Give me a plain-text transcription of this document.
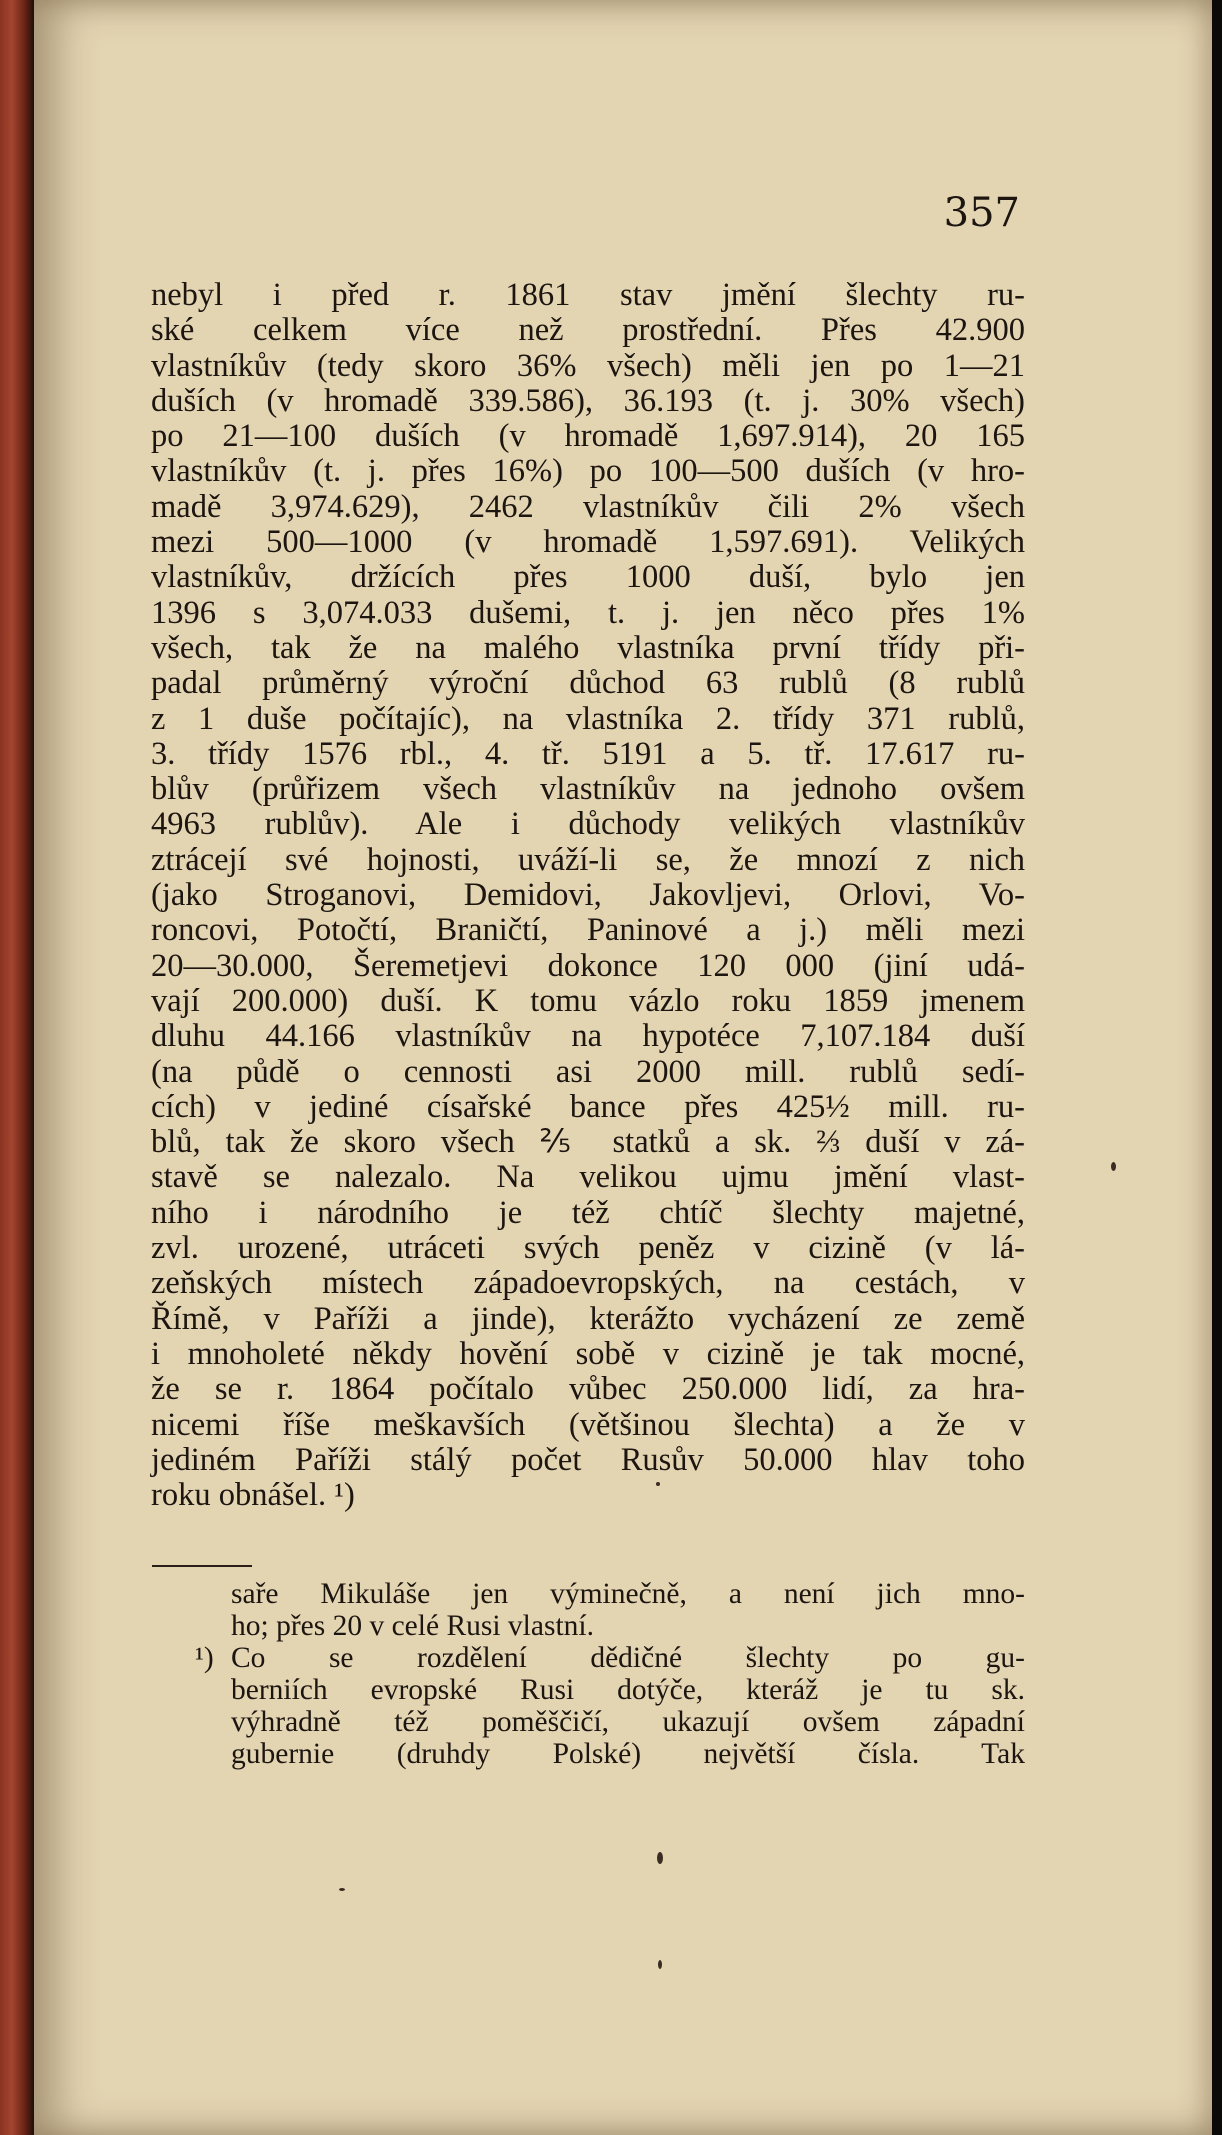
357

nebyl i před r. 1861 stav jmění šlechty ru-
ské celkem více než prostřední. Přes 42.900
vlastníkův (tedy skoro 36% všech) měli jen po 1—21
duších (v hromadě 339.586), 36.193 (t. j. 30% všech)
po 21—100 duších (v hromadě 1,697.914), 20 165
vlastníkův (t. j. přes 16%) po 100—500 duších (v hro-
madě 3,974.629), 2462 vlastníkův čili 2% všech
mezi 500—1000 (v hromadě 1,597.691). Velikých
vlastníkův, držících přes 1000 duší, bylo jen
1396 s 3,074.033 dušemi, t. j. jen něco přes 1%
všech, tak že na malého vlastníka první třídy při-
padal průměrný výroční důchod 63 rublů (8 rublů
z 1 duše počítajíc), na vlastníka 2. třídy 371 rublů,
3. třídy 1576 rbl., 4. tř. 5191 a 5. tř. 17.617 ru-
blův (průřizem všech vlastníkův na jednoho ovšem
4963 rublův). Ale i důchody velikých vlastníkův
ztrácejí své hojnosti, uváží-li se, že mnozí z nich
(jako Stroganovi, Demidovi, Jakovljevi, Orlovi, Vo-
roncovi, Potočtí, Braničtí, Paninové a j.) měli mezi
20—30.000, Šeremetjevi dokonce 120 000 (jiní udá-
vají 200.000) duší. K tomu vázlo roku 1859 jmenem
dluhu 44.166 vlastníkův na hypotéce 7,107.184 duší
(na půdě o cennosti asi 2000 mill. rublů sedí-
cích) v jediné císařské bance přes 425½ mill. ru-
blů, tak že skoro všech ⅖ statků a sk. ⅔ duší v zá-
stavě se nalezalo. Na velikou ujmu jmění vlast-
ního i národního je též chtíč šlechty majetné,
zvl. urozené, utráceti svých peněz v cizině (v lá-
zeňských místech západoevropských, na cestách, v
Římě, v Paříži a jinde), kterážto vycházení ze země
i mnoholeté někdy hovění sobě v cizině je tak mocné,
že se r. 1864 počítalo vůbec 250.000 lidí, za hra-
nicemi říše meškavších (většinou šlechta) a že v
jediném Paříži stálý počet Rusův 50.000 hlav toho
roku obnášel. ¹)
saře Mikuláše jen výminečně, a není jich mno-
ho; přes 20 v celé Rusi vlastní.
¹) Co se rozdělení dědičné šlechty po gu-
berniích evropské Rusi dotýče, kteráž je tu sk.
výhradně též poměščičí, ukazují ovšem západní
gubernie (druhdy Polské) největší čísla. Tak
